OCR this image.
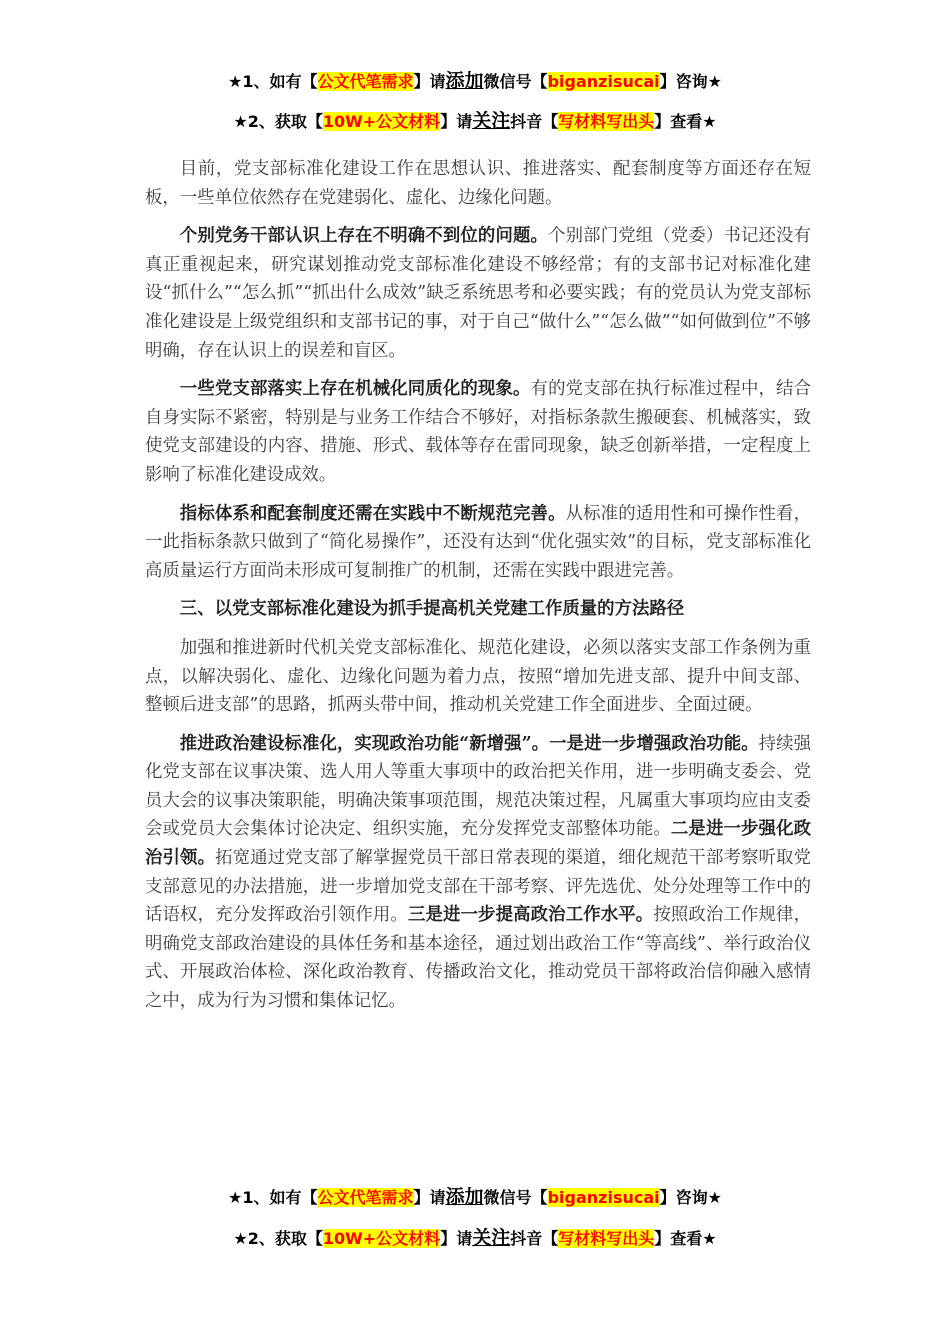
★1、如有【公文代笔需求】请添加微信号【biganzisucai】咨询★
★2、获取【10W+公文材料】请关注抖音【写材料写出头】查看★

目前，党支部标准化建设工作在思想认识、推进落实、配套制度等方面还存在短板，一些单位依然存在党建弱化、虚化、边缘化问题。

个别党务干部认识上存在不明确不到位的问题。个别部门党组（党委）书记还没有真正重视起来，研究谋划推动党支部标准化建设不够经常；有的支部书记对标准化建设“抓什么”“怎么抓”“抓出什么成效”缺乏系统思考和必要实践；有的党员认为党支部标准化建设是上级党组织和支部书记的事，对于自己“做什么”“怎么做”“如何做到位”不够明确，存在认识上的误差和盲区。

一些党支部落实上存在机械化同质化的现象。有的党支部在执行标准过程中，结合自身实际不紧密，特别是与业务工作结合不够好，对指标条款生搬硬套、机械落实，致使党支部建设的内容、措施、形式、载体等存在雷同现象，缺乏创新举措，一定程度上影响了标准化建设成效。

指标体系和配套制度还需在实践中不断规范完善。从标准的适用性和可操作性看，一此指标条款只做到了“简化易操作”，还没有达到“优化强实效”的目标，党支部标准化高质量运行方面尚未形成可复制推广的机制，还需在实践中跟进完善。

三、以党支部标准化建设为抓手提高机关党建工作质量的方法路径

加强和推进新时代机关党支部标准化、规范化建设，必须以落实支部工作条例为重点，以解决弱化、虚化、边缘化问题为着力点，按照“增加先进支部、提升中间支部、整顿后进支部”的思路，抓两头带中间，推动机关党建工作全面进步、全面过硬。

推进政治建设标准化，实现政治功能“新增强”。一是进一步增强政治功能。持续强化党支部在议事决策、选人用人等重大事项中的政治把关作用，进一步明确支委会、党员大会的议事决策职能，明确决策事项范围，规范决策过程，凡属重大事项均应由支委会或党员大会集体讨论决定、组织实施，充分发挥党支部整体功能。二是进一步强化政治引领。拓宽通过党支部了解掌握党员干部日常表现的渠道，细化规范干部考察听取党支部意见的办法措施，进一步增加党支部在干部考察、评先选优、处分处理等工作中的话语权，充分发挥政治引领作用。三是进一步提高政治工作水平。按照政治工作规律，明确党支部政治建设的具体任务和基本途径，通过划出政治工作“等高线”、举行政治仪式、开展政治体检、深化政治教育、传播政治文化，推动党员干部将政治信仰融入感情之中，成为行为习惯和集体记忆。

★1、如有【公文代笔需求】请添加微信号【biganzisucai】咨询★
★2、获取【10W+公文材料】请关注抖音【写材料写出头】查看★
